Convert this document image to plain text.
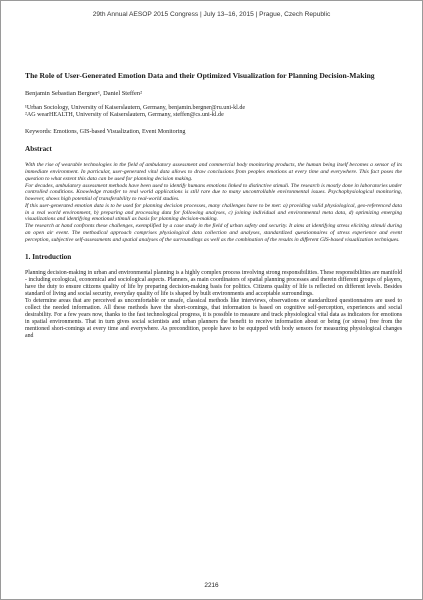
29th Annual AESOP 2015 Congress | July 13–16, 2015 | Prague, Czech Republic
The Role of User-Generated Emotion Data and their Optimized Visualization for Planning Decision-Making

Benjamin Sebastian Bergner¹, Daniel Steffen²

¹Urban Sociology, University of Kaiserslautern, Germany, benjamin.bergner@ru.uni-kl.de

²AG wearHEALTH, University of Kaiserslautern, Germany, steffen@cs.uni-kl.de

Keywords: Emotions, GIS-based Visualization, Event Monitoring

Abstract

With the rise of wearable technologies in the field of ambulatory assessment and commercial body monitoring products, the human being itself becomes a sensor of its immediate environment. In particular, user-generated vital data allows to draw conclusions from peoples emotions at every time and everywhere. This fact poses the question to what extent this data can be used for planning decision making.

For decades, ambulatory assessment methods have been used to identify humans emotions linked to distinctive stimuli. The research is mostly done in laboratories under controlled conditions. Knowledge transfer to real world applications is still rare due to many uncontrollable environmental issues. Psychophysiological monitoring, however, shows high potential of transferability to real-world studies.

If this user-generated emotion data is to be used for planning decision processes, many challenges have to be met: a) providing valid physiological, geo-referenced data in a real world environment, b) preparing and processing data for following analyses, c) joining individual and environmental meta data, d) optimizing emerging visualizations and identifying emotional stimuli as basis for planning decision-making.

The research at hand confronts these challenges, exemplified by a case study in the field of urban safety and security. It aims at identifying stress eliciting stimuli during an open air event. The methodical approach comprises physiological data collection and analyses, standardized questionnaires of stress experience and event perception, subjective self-assessments and spatial analyses of the surroundings as well as the combination of the results in different GIS-based visualization techniques.

1. Introduction

Planning decision-making in urban and environmental planning is a highly complex process involving strong responsibilities. These responsibilities are manifold - including ecological, economical and sociological aspects. Planners, as main coordinators of spatial planning processes and therein different groups of players, have the duty to ensure citizens quality of life by preparing decision-making basis for politics. Citizens quality of life is reflected on different levels. Besides standard of living and social security, everyday quality of life is shaped by built environments and acceptable surroundings.

To determine areas that are perceived as uncomfortable or unsafe, classical methods like interviews, observations or standardized questionnaires are used to collect the needed information. All these methods have the short-comings, that information is based on cognitive self-perception, experiences and social desirability. For a few years now, thanks to the fast technological progress, it is possible to measure and track physiological vital data as indicators for emotions in spatial environments. That in turn gives social scientists and urban planners the benefit to receive information about or being (or stress) free from the mentioned short-comings at every time and everywhere. As precondition, people have to be equipped with body sensors for measuring physiological changes and

2216
